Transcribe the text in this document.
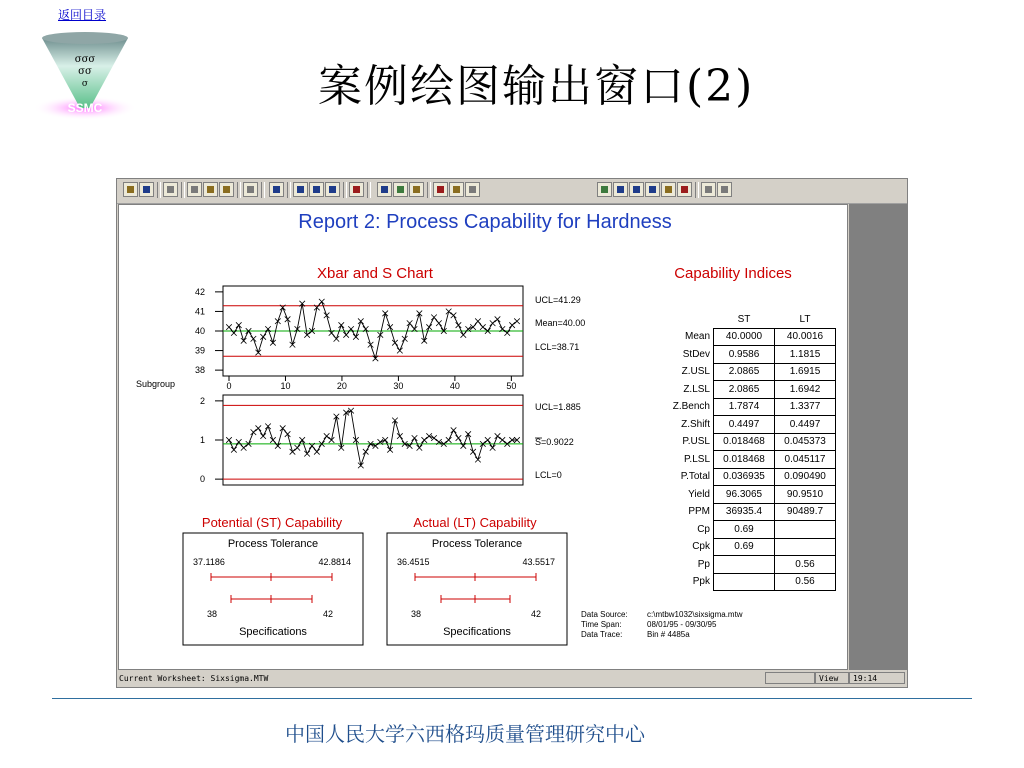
返回目录
σσσ
σσ
σ
SSMC	案例绘图输出窗口(2)
Report 2: Process Capability for Hardness
Xbar and S Chart
38
39
40
41
42
0
1
2
Subgroup	0	10	20	30	40	50
UCL=41.29
Mean=40.00
LCL=38.71
UCL=1.885
S=0.9022
LCL=0
Capability Indices
Potential (ST) Capability	Actual (LT) Capability
Process Tolerance
37.1186	42.8814
38	42
Specifications
Process Tolerance
36.4515	43.5517
38	42
Specifications
Data Source: c:\mtbw1032\sixsigma.mtw
Time Span:	08/01/95 - 09/30/95
Data Trace:	Bin # 4485a
	ST	LT
Mean	40.0000	40.0016
StDev	0.9586	1.1815
Z.USL	2.0865	1.6915
Z.LSL	2.0865	1.6942
Z.Bench	1.7874	1.3377
Z.Shift	0.4497	0.4497
P.USL	0.018468	0.045373
P.LSL	0.018468	0.045117
P.Total	0.036935	0.090490
Yield	96.3065	90.9510
PPM	36935.4	90489.7
Cp	0.69	
Cpk	0.69	
Pp		0.56
Ppk		0.56
Current Worksheet: Sixsigma.MTW	View	19:14
中国人民大学六西格玛质量管理研究中心
